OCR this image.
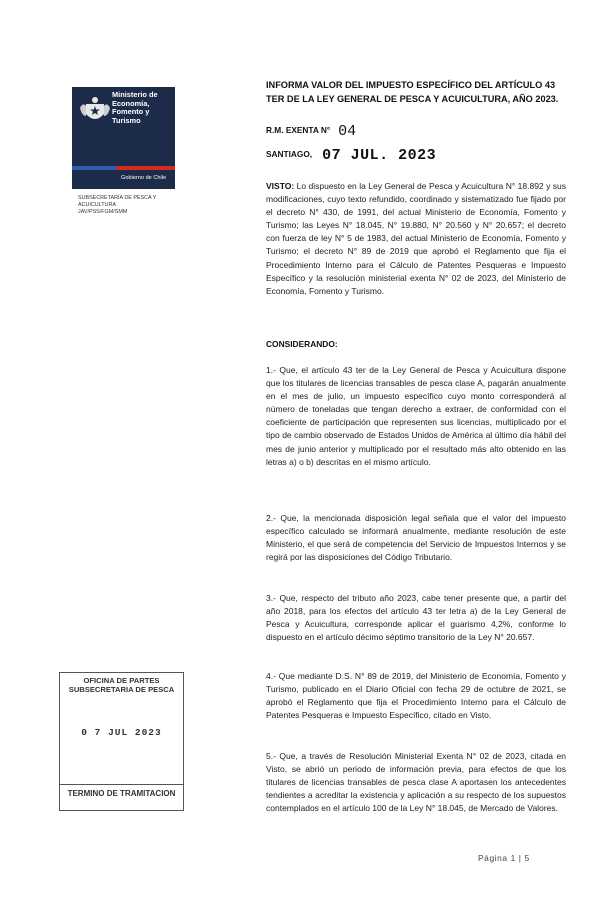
Ministerio de Economía, Fomento y Turismo

Gobierno de Chile
SUBSECRETARÍA DE PESCA Y
ACUICULTURA
JAV/PSS/FGM/SMM

INFORMA VALOR DEL IMPUESTO ESPECÍFICO DEL ARTÍCULO 43 TER DE LA LEY GENERAL DE PESCA Y ACUICULTURA, AÑO 2023.

R.M. EXENTA N° 04
SANTIAGO, 07 JUL. 2023

VISTO: Lo dispuesto en la Ley General de Pesca y Acuicultura N° 18.892 y sus modificaciones, cuyo texto refundido, coordinado y sistematizado fue fijado por el decreto N° 430, de 1991, del actual Ministerio de Economía, Fomento y Turismo; las Leyes N° 18.045, N° 19.880, N° 20.560 y N° 20.657; el decreto con fuerza de ley N° 5 de 1983, del actual Ministerio de Economía, Fomento y Turismo; el decreto N° 89 de 2019 que aprobó el Reglamento que fija el Procedimiento Interno para el Cálculo de Patentes Pesqueras e Impuesto Específico y la resolución ministerial exenta N° 02 de 2023, del Ministerio de Economía, Fomento y Turismo.

CONSIDERANDO:

1.- Que, el artículo 43 ter de la Ley General de Pesca y Acuicultura dispone que los titulares de licencias transables de pesca clase A, pagarán anualmente en el mes de julio, un impuesto específico cuyo monto corresponderá al número de toneladas que tengan derecho a extraer, de conformidad con el coeficiente de participación que representen sus licencias, multiplicado por el tipo de cambio observado de Estados Unidos de América al último día hábil del mes de junio anterior y multiplicado por el resultado más alto obtenido en las letras a) o b) descritas en el mismo artículo.

2.- Que, la mencionada disposición legal señala que el valor del impuesto específico calculado se informará anualmente, mediante resolución de este Ministerio, el que será de competencia del Servicio de Impuestos Internos y se regirá por las disposiciones del Código Tributario.

3.- Que, respecto del tributo año 2023, cabe tener presente que, a partir del año 2018, para los efectos del artículo 43 ter letra a) de la Ley General de Pesca y Acuicultura, corresponde aplicar el guarismo 4,2%, conforme lo dispuesto en el artículo décimo séptimo transitorio de la Ley N° 20.657.

4.- Que mediante D.S. N° 89 de 2019, del Ministerio de Economía, Fomento y Turismo, publicado en el Diario Oficial con fecha 29 de octubre de 2021, se aprobó el Reglamento que fija el Procedimiento Interno para el Cálculo de Patentes Pesqueras e Impuesto Específico, citado en Visto.

5.- Que, a través de Resolución Ministerial Exenta N° 02 de 2023, citada en Visto, se abrió un periodo de información previa, para efectos de que los titulares de licencias transables de pesca clase A aportasen los antecedentes tendientes a acreditar la existencia y aplicación a su respecto de los supuestos contemplados en el artículo 100 de la Ley N° 18.045, de Mercado de Valores.

OFICINA DE PARTES
SUBSECRETARIA DE PESCA
0 7 JUL 2023
TERMINO DE TRAMITACION
Página 1 | 5
